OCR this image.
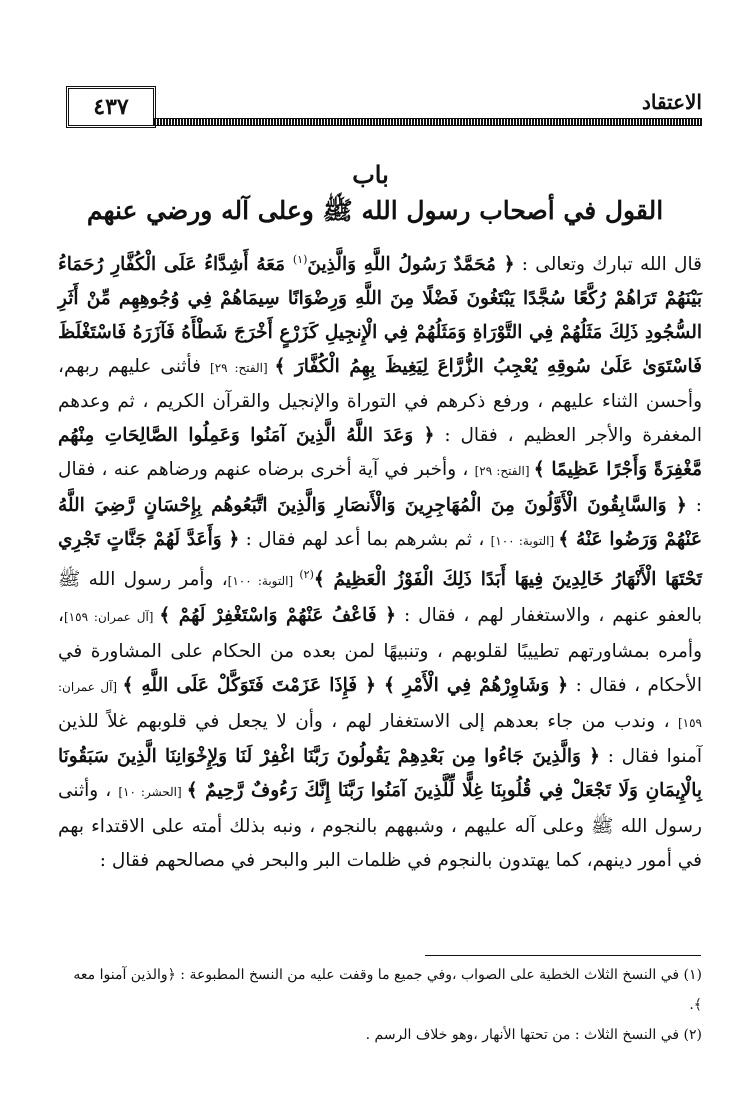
الاعتقاد
٤٣٧
باب
القول في أصحاب رسول الله ﷺ وعلى آله ورضي عنهم

قال الله تبارك وتعالى : ﴿ مُحَمَّدٌ رَسُولُ اللَّهِ وَالَّذِينَ$^{(١)}$ مَعَهُ أَشِدَّاءُ عَلَى الْكُفَّارِ رُحَمَاءُ بَيْنَهُمْ تَرَاهُمْ رُكَّعًا سُجَّدًا يَبْتَغُونَ فَضْلًا مِنَ اللَّهِ وَرِضْوَانًا سِيمَاهُمْ فِي وُجُوهِهِم مِّنْ أَثَرِ السُّجُودِ ذَلِكَ مَثَلُهُمْ فِي التَّوْرَاةِ وَمَثَلُهُمْ فِي الْإِنجِيلِ كَزَرْعٍ أَخْرَجَ شَطْأَهُ فَآزَرَهُ فَاسْتَغْلَظَ فَاسْتَوَىٰ عَلَىٰ سُوقِهِ يُعْجِبُ الزُّرَّاعَ لِيَغِيظَ بِهِمُ الْكُفَّارَ ﴾ [الفتح: ٢٩] فأثنى عليهم ربهم، وأحسن الثناء عليهم ، ورفع ذكرهم في التوراة والإنجيل والقرآن الكريم ، ثم وعدهم المغفرة والأجر العظيم ، فقال : ﴿ وَعَدَ اللَّهُ الَّذِينَ آمَنُوا وَعَمِلُوا الصَّالِحَاتِ مِنْهُم مَّغْفِرَةً وَأَجْرًا عَظِيمًا ﴾ [الفتح: ٢٩] ، وأخبر في آية أخرى برضاه عنهم ورضاهم عنه ، فقال : ﴿ وَالسَّابِقُونَ الْأَوَّلُونَ مِنَ الْمُهَاجِرِينَ وَالْأَنصَارِ وَالَّذِينَ اتَّبَعُوهُم بِإِحْسَانٍ رَّضِيَ اللَّهُ عَنْهُمْ وَرَضُوا عَنْهُ ﴾ [التوبة: ١٠٠] ، ثم بشرهم بما أعد لهم فقال : ﴿ وَأَعَدَّ لَهُمْ جَنَّاتٍ تَجْرِي تَحْتَهَا الْأَنْهَارُ خَالِدِينَ فِيهَا أَبَدًا ذَلِكَ الْفَوْزُ الْعَظِيمُ ﴾$^{(٢)}$ [التوبة: ١٠٠]، وأمر رسول الله ﷺ بالعفو عنهم ، والاستغفار لهم ، فقال : ﴿ فَاعْفُ عَنْهُمْ وَاسْتَغْفِرْ لَهُمْ ﴾ [آل عمران: ١٥٩]، وأمره بمشاورتهم تطييبًا لقلوبهم ، وتنبيهًا لمن بعده من الحكام على المشاورة في الأحكام ، فقال : ﴿ وَشَاوِرْهُمْ فِي الْأَمْرِ ﴾ ﴿ فَإِذَا عَزَمْتَ فَتَوَكَّلْ عَلَى اللَّهِ ﴾ [آل عمران: ١٥٩] ، وندب من جاء بعدهم إلى الاستغفار لهم ، وأن لا يجعل في قلوبهم غلاً للذين آمنوا فقال : ﴿ وَالَّذِينَ جَاءُوا مِن بَعْدِهِمْ يَقُولُونَ رَبَّنَا اغْفِرْ لَنَا وَلِإِخْوَانِنَا الَّذِينَ سَبَقُونَا بِالْإِيمَانِ وَلَا تَجْعَلْ فِي قُلُوبِنَا غِلًّا لِّلَّذِينَ آمَنُوا رَبَّنَا إِنَّكَ رَءُوفٌ رَّحِيمٌ ﴾ [الحشر: ١٠] ، وأثنى رسول الله ﷺ وعلى آله عليهم ، وشبههم بالنجوم ، ونبه بذلك أمته على الاقتداء بهم في أمور دينهم، كما يهتدون بالنجوم في ظلمات البر والبحر في مصالحهم فقال :

(١) في النسخ الثلاث الخطية على الصواب ،وفي جميع ما وقفت عليه من النسخ المطبوعة : ﴿والذين آمنوا معه ﴾.

(٢) في النسخ الثلاث : من تحتها الأنهار ،وهو خلاف الرسم .
